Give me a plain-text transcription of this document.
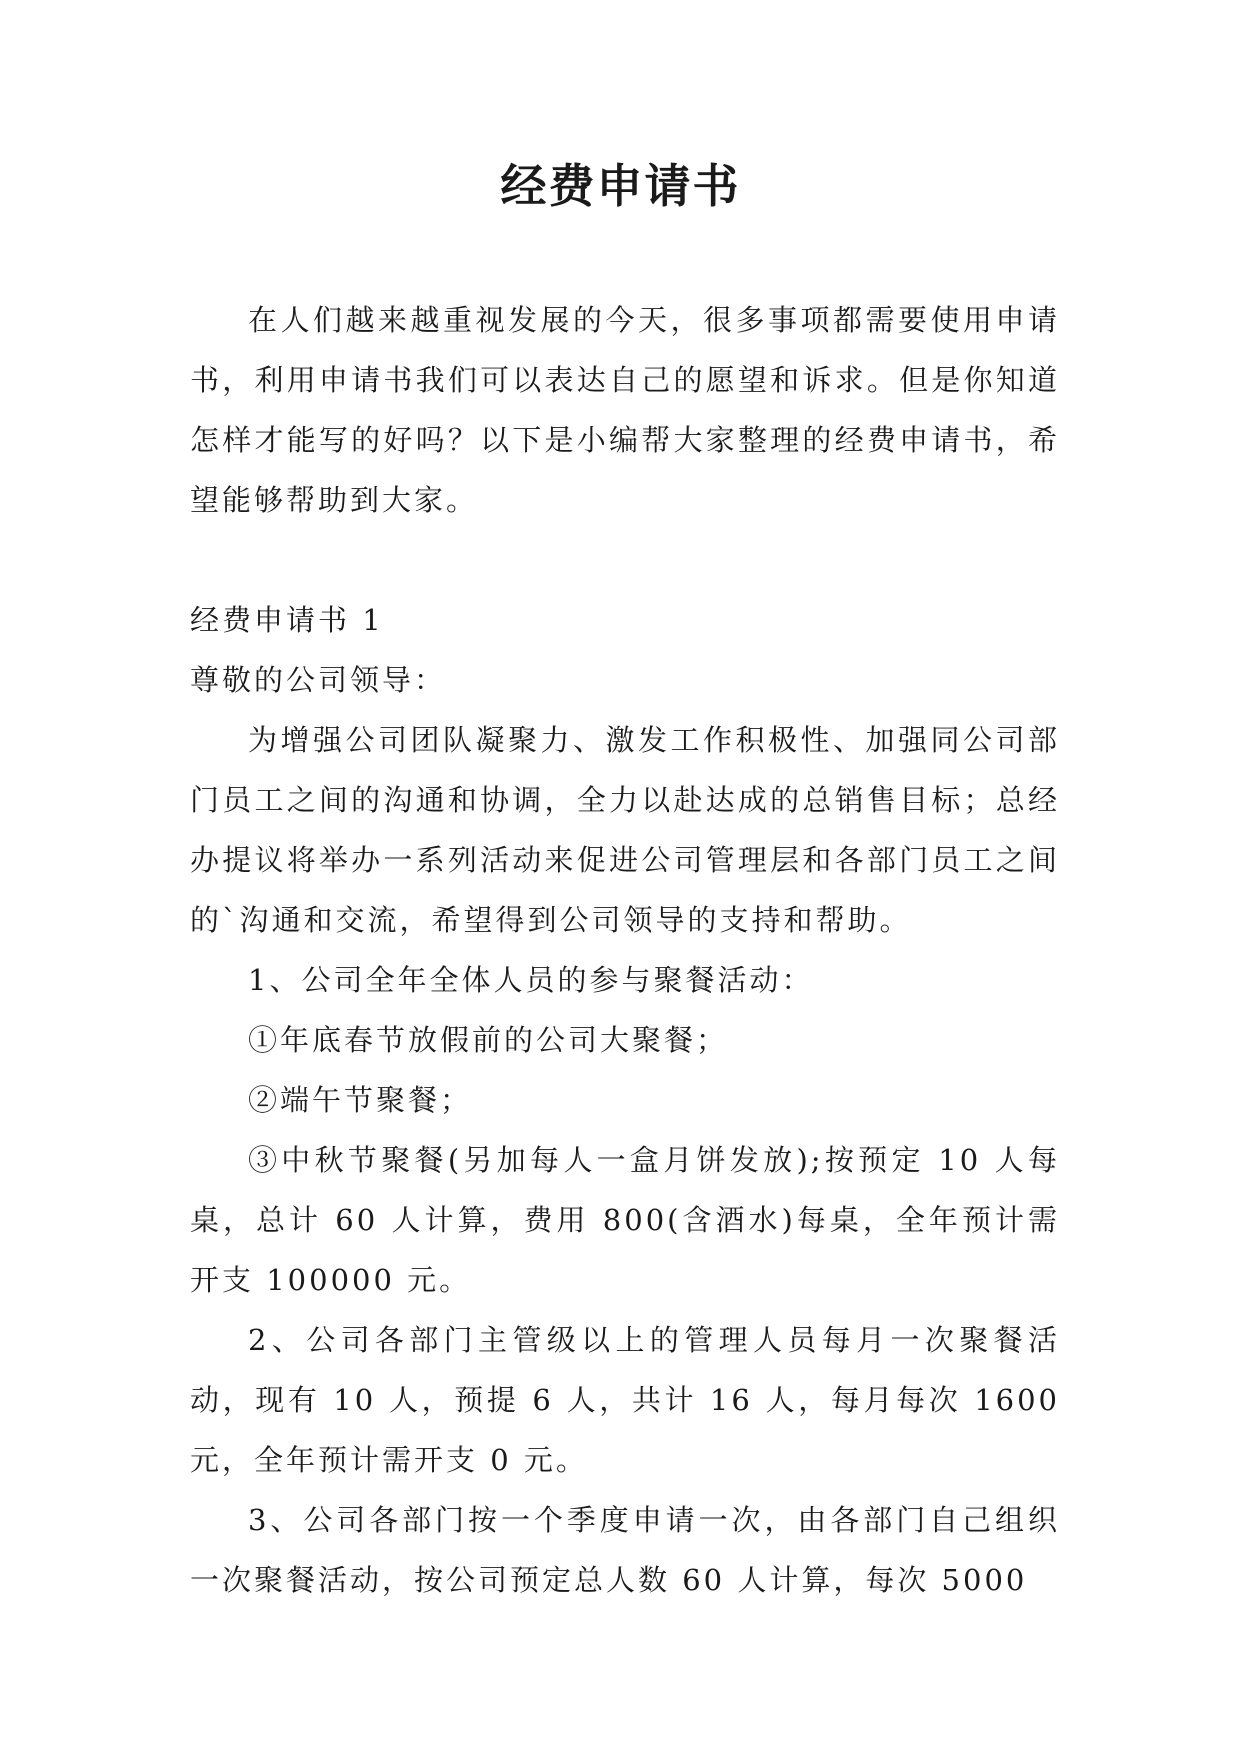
经费申请书

在人们越来越重视发展的今天，很多事项都需要使用申请书，利用申请书我们可以表达自己的愿望和诉求。但是你知道怎样才能写的好吗？以下是小编帮大家整理的经费申请书，希望能够帮助到大家。

经费申请书 1

尊敬的公司领导：

为增强公司团队凝聚力、激发工作积极性、加强同公司部门员工之间的沟通和协调，全力以赴达成的总销售目标；总经办提议将举办一系列活动来促进公司管理层和各部门员工之间的`沟通和交流，希望得到公司领导的支持和帮助。

1、公司全年全体人员的参与聚餐活动：

①年底春节放假前的公司大聚餐；

②端午节聚餐；

③中秋节聚餐(另加每人一盒月饼发放);按预定 10 人每桌，总计 60 人计算，费用 800(含酒水)每桌，全年预计需开支 100000 元。

2、公司各部门主管级以上的管理人员每月一次聚餐活动，现有 10 人，预提 6 人，共计 16 人，每月每次 1600 元，全年预计需开支 0 元。

3、公司各部门按一个季度申请一次，由各部门自己组织一次聚餐活动，按公司预定总人数 60 人计算，每次 5000
